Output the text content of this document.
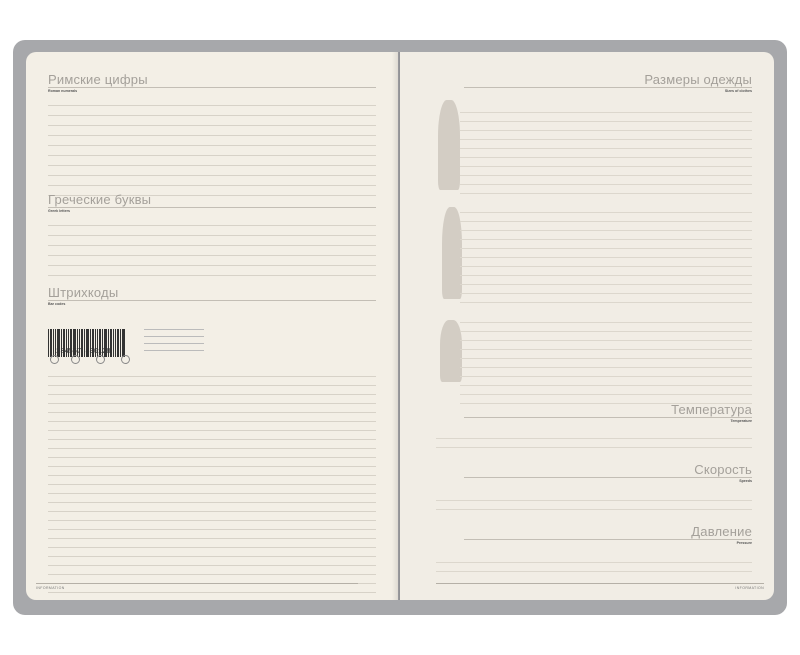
Римские цифры
Roman numerals
Греческие буквы
Greek letters
Штрихкоды
Bar codes
234567 890128
INFORMATION
Размеры одежды
Sizes of clothes
Температура
Temperature
Скорость
Speeds
Давление
Pressure
INFORMATION
